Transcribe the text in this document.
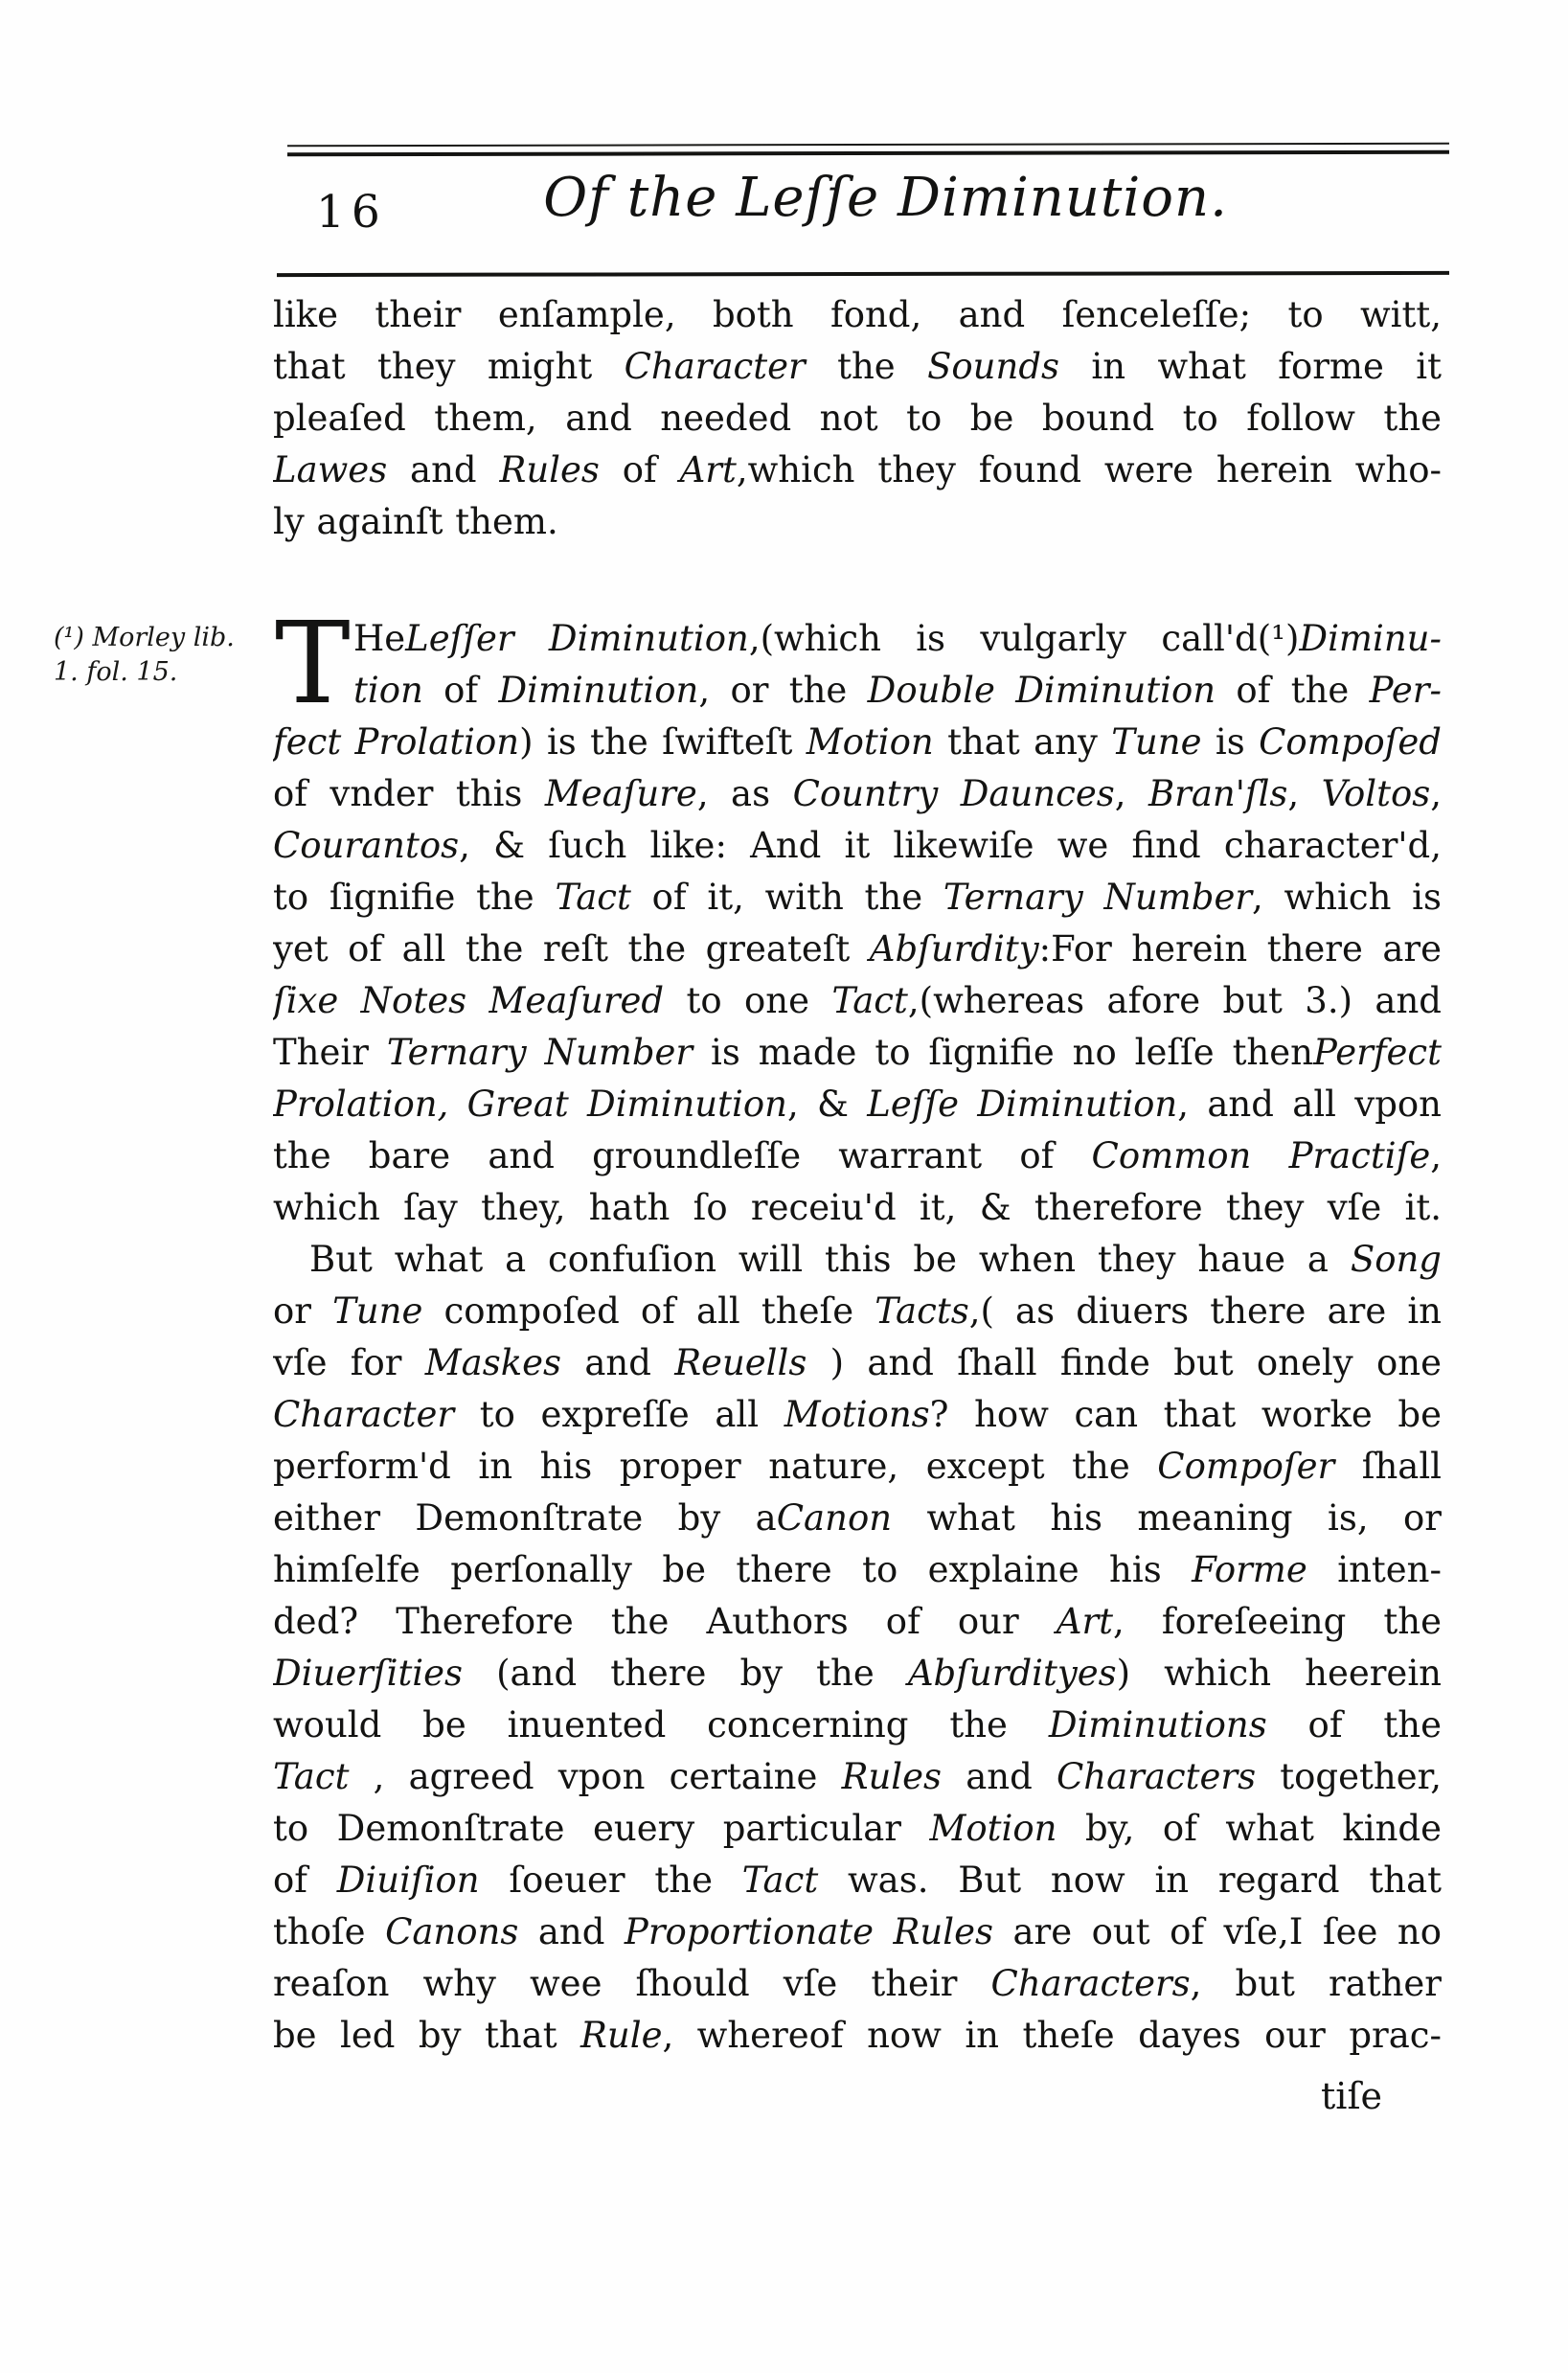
16	Of the Leſſe Diminution.
(¹) Morley lib.
1. fol. 15.
like their enſample, both fond, and ſenceleſſe; to witt,
that they might Character the Sounds in what forme it
pleaſed them, and needed not to be bound to follow the
Lawes and Rules of Art,which they found were herein who-
ly againſt them.
T HeLeſſer Diminution,(which is vulgarly call'd(¹)Diminu-
tion of Diminution, or the Double Diminution of the Per-
fect Prolation) is the ſwifteſt Motion that any Tune is Compoſed
of vnder this Meaſure, as Country Daunces, Bran'ſls, Voltos,
Courantos, & ſuch like: And it likewiſe we find character'd,
to ſignifie the Tact of it, with the Ternary Number, which is
yet of all the reſt the greateſt Abſurdity:For herein there are
ſixe Notes Meaſured to one Tact,(whereas afore but 3.) and
Their Ternary Number is made to ſignifie no leſſe thenPerfect
Prolation, Great Diminution, & Leſſe Diminution, and all vpon
the bare and groundleſſe warrant of Common Practiſe,
which ſay they, hath ſo receiu'd it, & therefore they vſe it.
But what a confuſion will this be when they haue a Song
or Tune compoſed of all theſe Tacts,( as diuers there are in
vſe for Maskes and Reuells ) and ſhall finde but onely one
Character to expreſſe all Motions? how can that worke be
perform'd in his proper nature, except the Compoſer ſhall
either Demonſtrate by aCanon what his meaning is, or
himſelfe perſonally be there to explaine his Forme inten-
ded? Therefore the Authors of our Art, foreſeeing the
Diuerſities (and there by the Abſurdityes) which heerein
would be inuented concerning the Diminutions of the
Tact , agreed vpon certaine Rules and Characters together,
to Demonſtrate euery particular Motion by, of what kinde
of Diuiſion ſoeuer the Tact was. But now in regard that
thoſe Canons and Proportionate Rules are out of vſe,I ſee no
reaſon why wee ſhould vſe their Characters, but rather
be led by that Rule, whereof now in theſe dayes our prac-
tiſe
